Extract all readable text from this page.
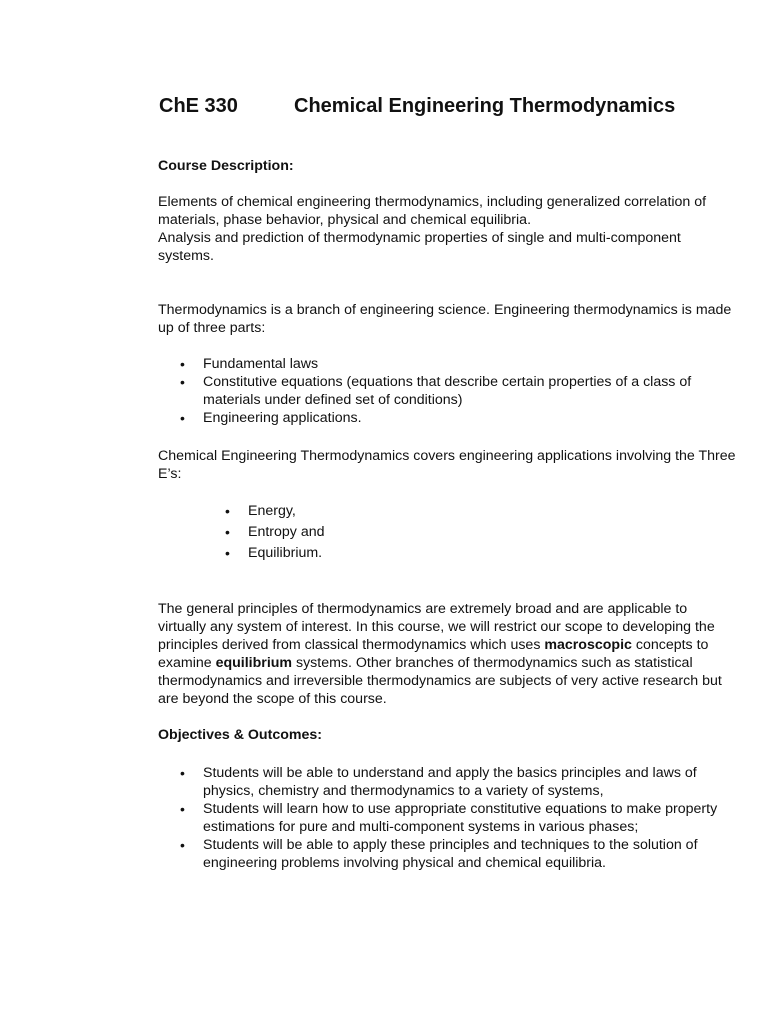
ChE 330	Chemical Engineering Thermodynamics

Course Description:

Elements of chemical engineering thermodynamics, including generalized correlation of materials, phase behavior, physical and chemical equilibria.

Analysis and prediction of thermodynamic properties of single and multi-component systems.

Thermodynamics is a branch of engineering science. Engineering thermodynamics is made up of three parts:

• Fundamental laws
• Constitutive equations (equations that describe certain properties of a class of materials under defined set of conditions)
• Engineering applications.

Chemical Engineering Thermodynamics covers engineering applications involving the Three E’s:

• Energy,
• Entropy and
• Equilibrium.

The general principles of thermodynamics are extremely broad and are applicable to virtually any system of interest. In this course, we will restrict our scope to developing the principles derived from classical thermodynamics which uses macroscopic concepts to examine equilibrium systems. Other branches of thermodynamics such as statistical thermodynamics and irreversible thermodynamics are subjects of very active research but are beyond the scope of this course.

Objectives & Outcomes:

• Students will be able to understand and apply the basics principles and laws of physics, chemistry and thermodynamics to a variety of systems,
• Students will learn how to use appropriate constitutive equations to make property estimations for pure and multi-component systems in various phases;
• Students will be able to apply these principles and techniques to the solution of engineering problems involving physical and chemical equilibria.
